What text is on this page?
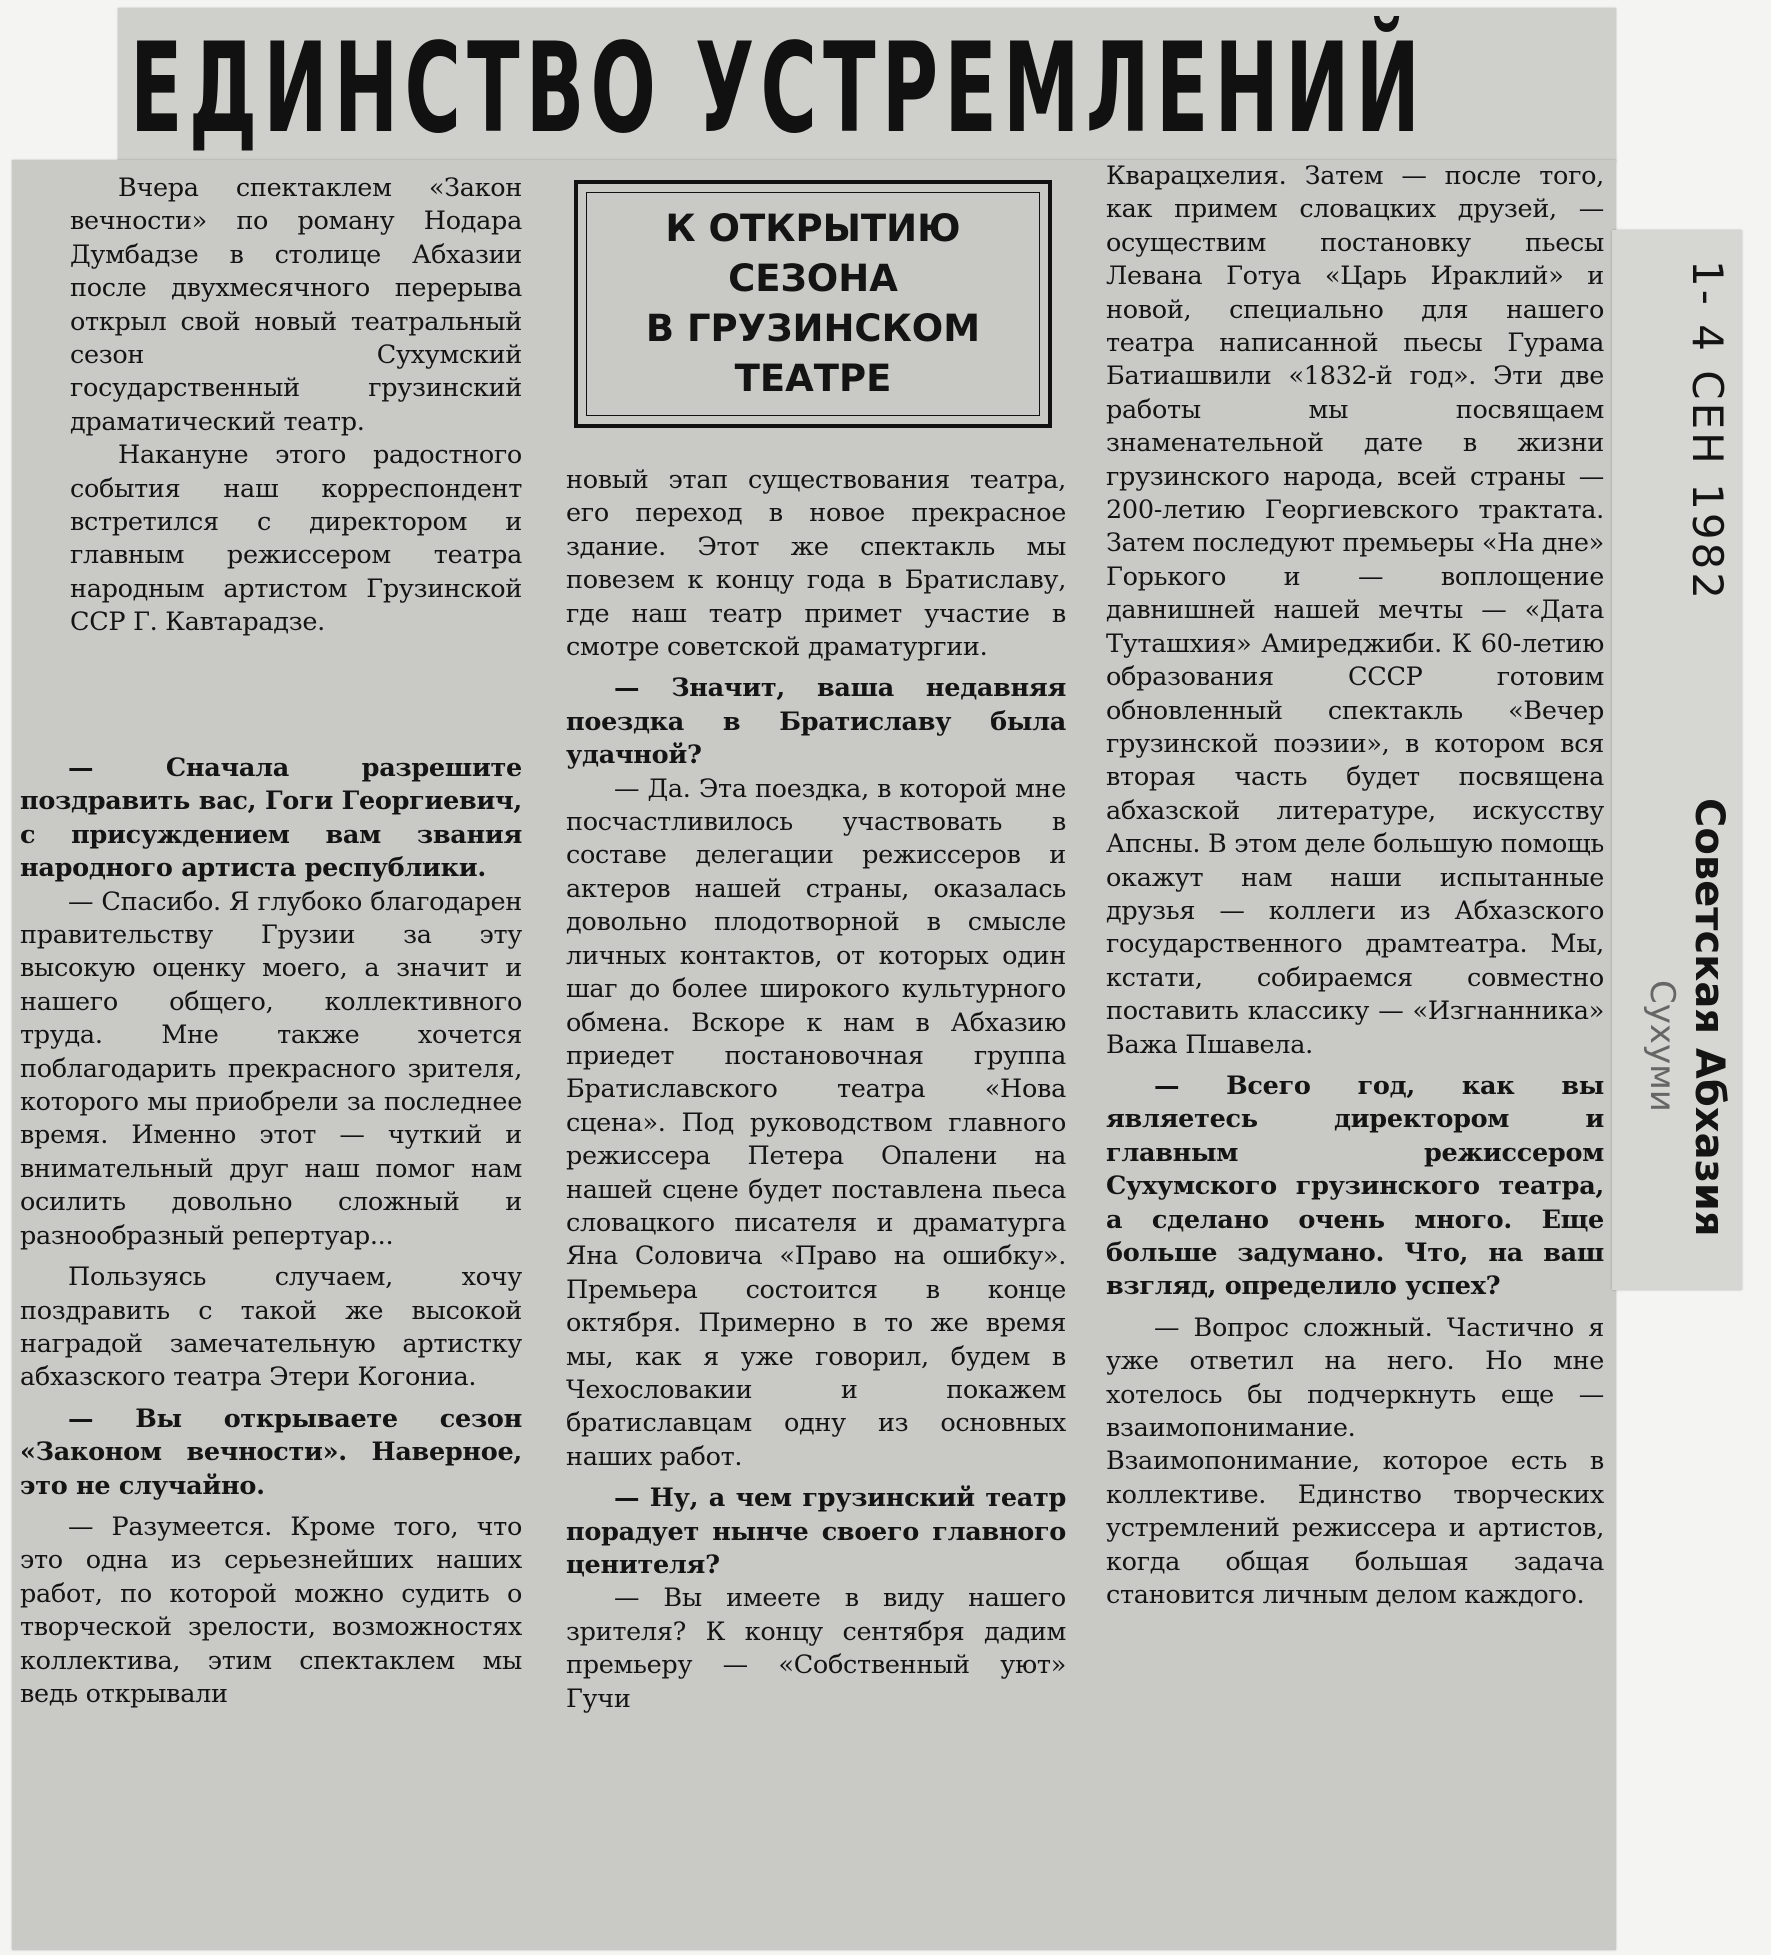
ЕДИНСТВО УСТРЕМЛЕНИЙ

Вчера спектаклем «Закон вечности» по роману Нодара Думбадзе в столице Абхазии после двухмесячного перерыва открыл свой новый театральный сезон Сухумский государственный грузинский драматический театр.

Накануне этого радостного события наш корреспондент встретился с директором и главным режиссером театра народным артистом Грузинской ССР Г. Кавтарадзе.

— Сначала разрешите поздравить вас, Гоги Георгиевич, с присуждением вам звания народного артиста республики.

— Спасибо. Я глубоко благодарен правительству Грузии за эту высокую оценку моего, а значит и нашего общего, коллективного труда. Мне также хочется поблагодарить прекрасного зрителя, которого мы приобрели за последнее время. Именно этот — чуткий и внимательный друг наш помог нам осилить довольно сложный и разнообразный репертуар...

Пользуясь случаем, хочу поздравить с такой же высокой наградой замечательную артистку абхазского театра Этери Когониа.

— Вы открываете сезон «Законом вечности». Наверное, это не случайно.

— Разумеется. Кроме того, что это одна из серьезнейших наших работ, по которой можно судить о творческой зрелости, возможностях коллектива, этим спектаклем мы ведь открывали

К ОТКРЫТИЮ
СЕЗОНА
В ГРУЗИНСКОМ
ТЕАТРЕ

новый этап существования театра, его переход в новое прекрасное здание. Этот же спектакль мы повезем к концу года в Братиславу, где наш театр примет участие в смотре советской драматургии.

— Значит, ваша недавняя поездка в Братиславу была удачной?

— Да. Эта поездка, в которой мне посчастливилось участвовать в составе делегации режиссеров и актеров нашей страны, оказалась довольно плодотворной в смысле личных контактов, от которых один шаг до более широкого культурного обмена. Вскоре к нам в Абхазию приедет постановочная группа Братиславского театра «Нова сцена». Под руководством главного режиссера Петера Опалени на нашей сцене будет поставлена пьеса словацкого писателя и драматурга Яна Соловича «Право на ошибку». Премьера состоится в конце октября. Примерно в то же время мы, как я уже говорил, будем в Чехословакии и покажем братиславцам одну из основных наших работ.

— Ну, а чем грузинский театр порадует нынче своего главного ценителя?

— Вы имеете в виду нашего зрителя? К концу сентября дадим премьеру — «Собственный уют» Гучи

Кварацхелия. Затем — после того, как примем словацких друзей, — осуществим постановку пьесы Левана Готуа «Царь Ираклий» и новой, специально для нашего театра написанной пьесы Гурама Батиашвили «1832-й год». Эти две работы мы посвящаем знаменательной дате в жизни грузинского народа, всей страны — 200-летию Георгиевского трактата. Затем последуют премьеры «На дне» Горького и — воплощение давнишней нашей мечты — «Дата Туташхия» Амиреджиби. К 60-летию образования СССР готовим обновленный спектакль «Вечер грузинской поэзии», в котором вся вторая часть будет посвящена абхазской литературе, искусству Апсны. В этом деле большую помощь окажут нам наши испытанные друзья — коллеги из Абхазского государственного драмтеатра. Мы, кстати, собираемся совместно поставить классику — «Изгнанника» Важа Пшавела.

— Всего год, как вы являетесь директором и главным режиссером Сухумского грузинского театра, а сделано очень много. Еще больше задумано. Что, на ваш взгляд, определило успех?

— Вопрос сложный. Частично я уже ответил на него. Но мне хотелось бы подчеркнуть еще — взаимопонимание. Взаимопонимание, которое есть в коллективе. Единство творческих устремлений режиссера и артистов, когда общая большая задача становится личным делом каждого.

1- 4 СЕН 1982
Советская Абхазия
Сухуми
